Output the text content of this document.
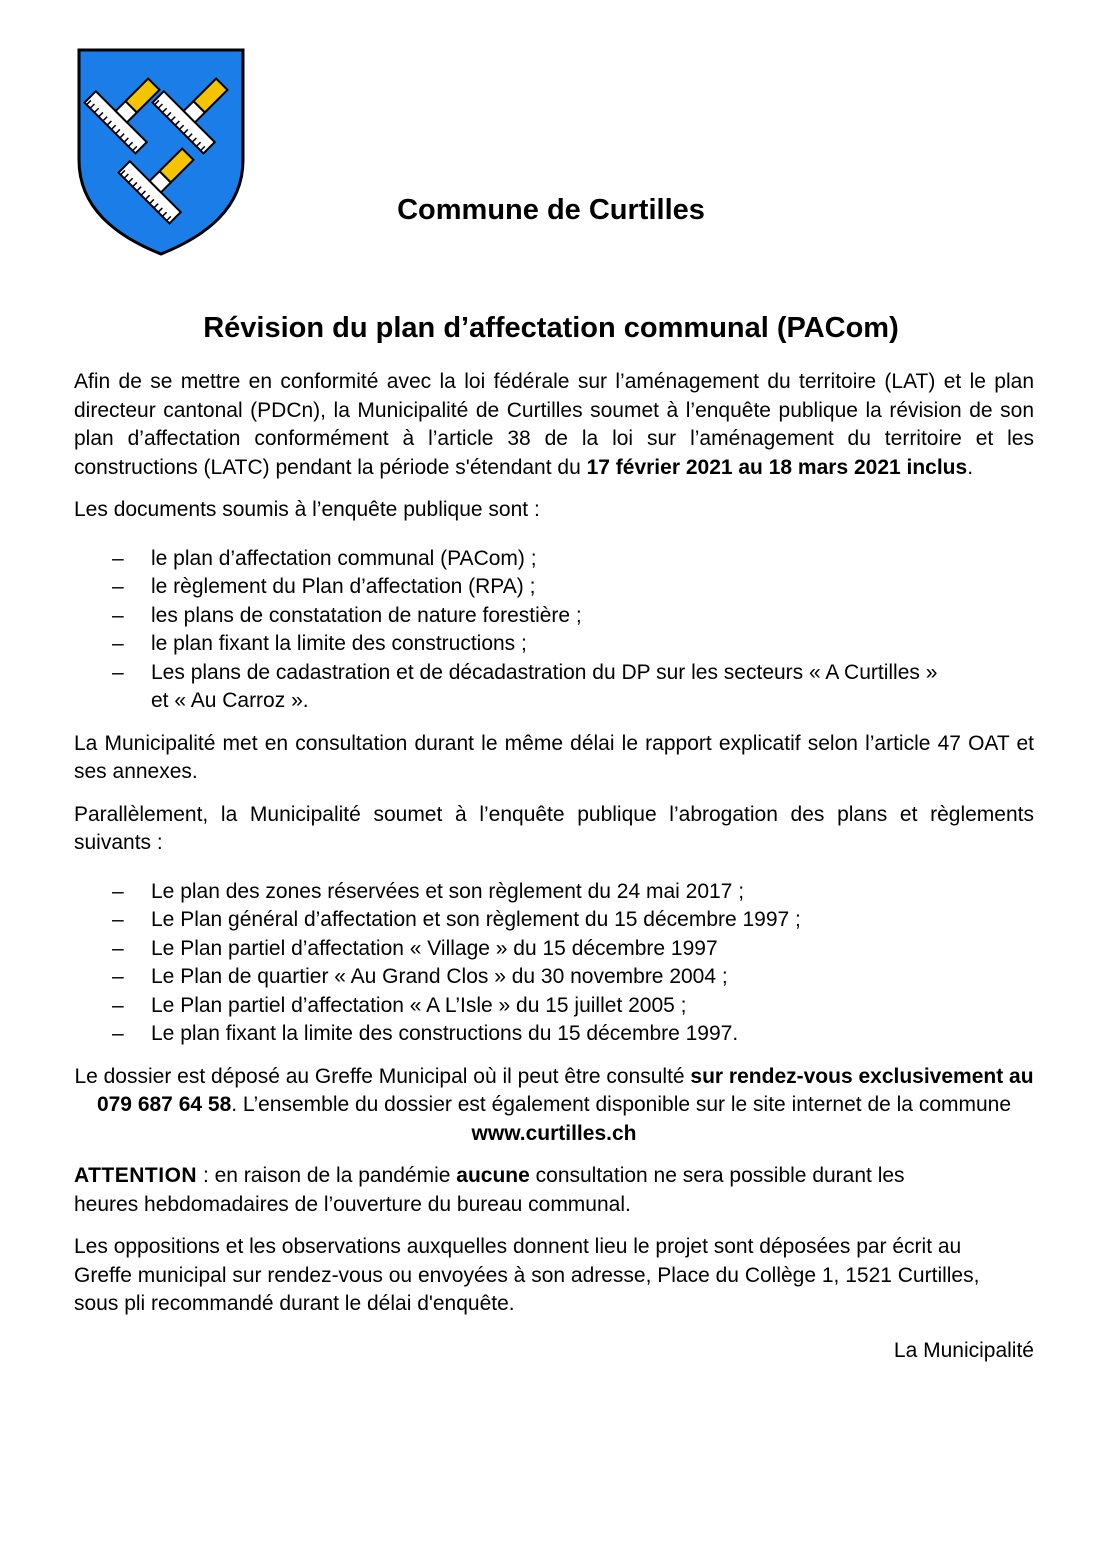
Commune de Curtilles
Révision du plan d’affectation communal (PACom)

Afin de se mettre en conformité avec la loi fédérale sur l’aménagement du territoire (LAT) et le plan directeur cantonal (PDCn), la Municipalité de Curtilles soumet à l’enquête publique la révision de son plan d’affectation conformément à l’article 38 de la loi sur l’aménagement du territoire et les constructions (LATC) pendant la période s'étendant du 17 février 2021 au 18 mars 2021 inclus.

Les documents soumis à l’enquête publique sont :

– le plan d’affectation communal (PACom) ;
– le règlement du Plan d’affectation (RPA) ;
– les plans de constatation de nature forestière ;
– le plan fixant la limite des constructions ;
– Les plans de cadastration et de décadastration du DP sur les secteurs « A Curtilles » et « Au Carroz ».

La Municipalité met en consultation durant le même délai le rapport explicatif selon l’article 47 OAT et ses annexes.

Parallèlement, la Municipalité soumet à l’enquête publique l’abrogation des plans et règlements suivants :

– Le plan des zones réservées et son règlement du 24 mai 2017 ;
– Le Plan général d’affectation et son règlement du 15 décembre 1997 ;
– Le Plan partiel d’affectation « Village » du 15 décembre 1997
– Le Plan de quartier « Au Grand Clos » du 30 novembre 2004 ;
– Le Plan partiel d’affectation « A L’Isle » du 15 juillet 2005 ;
– Le plan fixant la limite des constructions du 15 décembre 1997.

Le dossier est déposé au Greffe Municipal où il peut être consulté sur rendez-vous exclusivement au 079 687 64 58. L’ensemble du dossier est également disponible sur le site internet de la commune www.curtilles.ch

ATTENTION : en raison de la pandémie aucune consultation ne sera possible durant les heures hebdomadaires de l’ouverture du bureau communal.

Les oppositions et les observations auxquelles donnent lieu le projet sont déposées par écrit au Greffe municipal sur rendez-vous ou envoyées à son adresse, Place du Collège 1, 1521 Curtilles, sous pli recommandé durant le délai d'enquête.

La Municipalité
